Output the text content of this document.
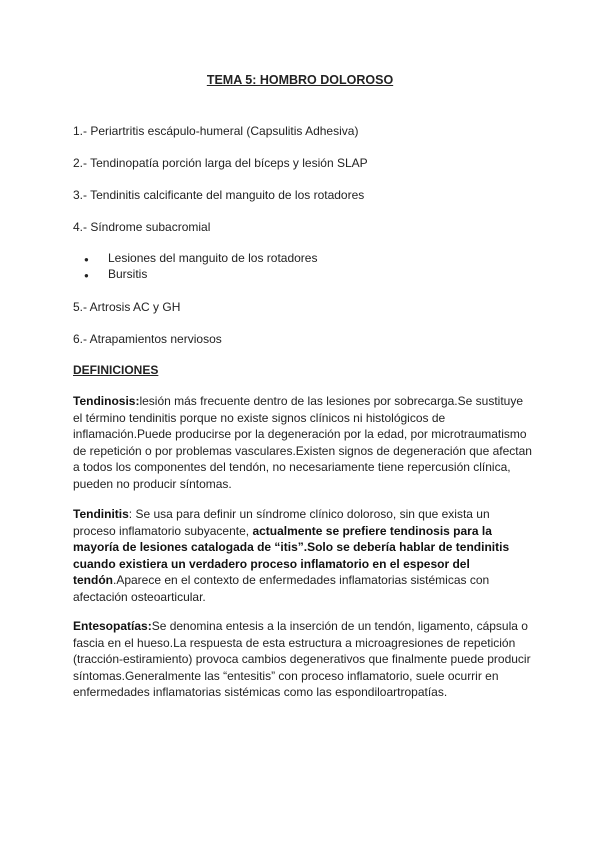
TEMA 5: HOMBRO DOLOROSO
1.- Periartritis escápulo-humeral (Capsulitis Adhesiva)
2.- Tendinopatía porción larga del bíceps y lesión SLAP
3.- Tendinitis calcificante del manguito de los rotadores
4.- Síndrome subacromial
● Lesiones del manguito de los rotadores
● Bursitis
5.- Artrosis AC y GH
6.- Atrapamientos nerviosos
DEFINICIONES
Tendinosis:lesión más frecuente dentro de las lesiones por sobrecarga.Se sustituye el término tendinitis porque no existe signos clínicos ni histológicos de inflamación.Puede producirse por la degeneración por la edad, por microtraumatismo de repetición o por problemas vasculares.Existen signos de degeneración que afectan a todos los componentes del tendón, no necesariamente tiene repercusión clínica, pueden no producir síntomas.
Tendinitis: Se usa para definir un síndrome clínico doloroso, sin que exista un proceso inflamatorio subyacente, actualmente se prefiere tendinosis para la mayoría de lesiones catalogada de “itis”.Solo se debería hablar de tendinitis cuando existiera un verdadero proceso inflamatorio en el espesor del tendón.Aparece en el contexto de enfermedades inflamatorias sistémicas con afectación osteoarticular.
Entesopatías:Se denomina entesis a la inserción de un tendón, ligamento, cápsula o fascia en el hueso.La respuesta de esta estructura a microagresiones de repetición (tracción-estiramiento) provoca cambios degenerativos que finalmente puede producir síntomas.Generalmente las “entesitis” con proceso inflamatorio, suele ocurrir en enfermedades inflamatorias sistémicas como las espondiloartropatías.
